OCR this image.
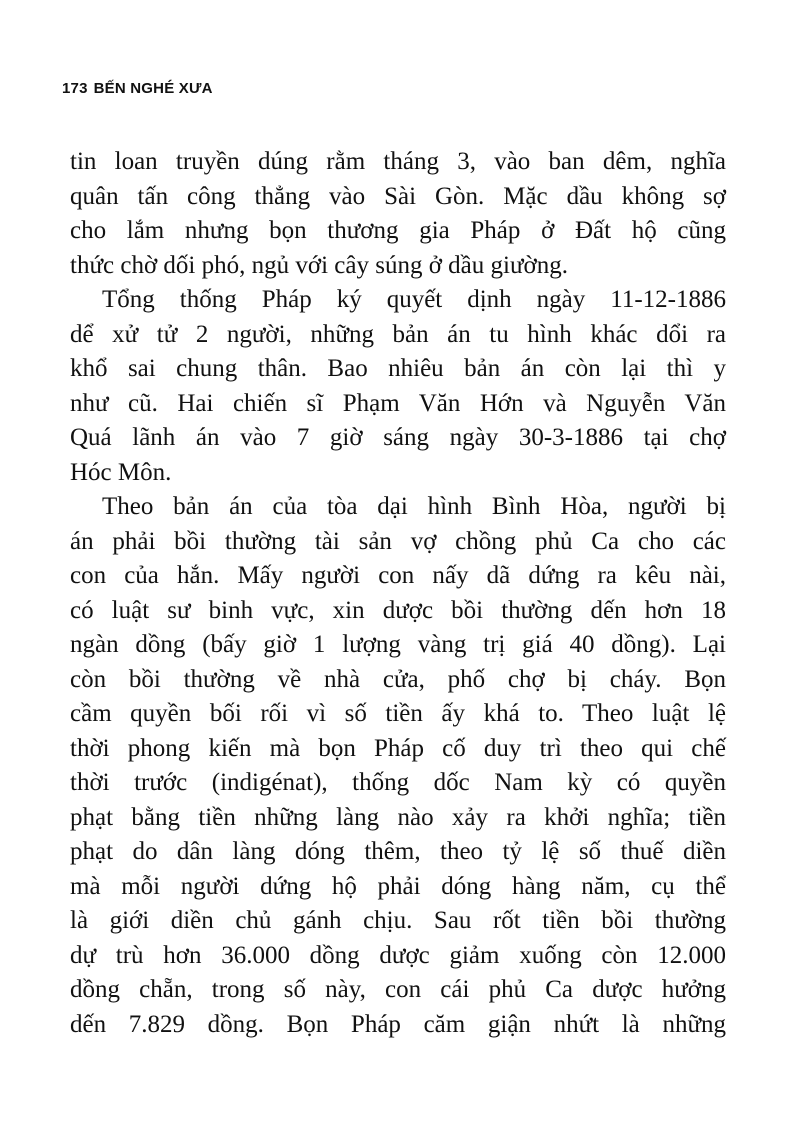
173 BẾN NGHÉ XƯA
tin loan truyền dúng rằm tháng 3, vào ban dêm, nghĩa
quân tấn công thẳng vào Sài Gòn. Mặc dầu không sợ
cho lắm nhưng bọn thương gia Pháp ở Đất hộ cũng
thức chờ dối phó, ngủ với cây súng ở dầu giường.
Tổng thống Pháp ký quyết dịnh ngày 11-12-1886
dể xử tử 2 người, những bản án tu hình khác dổi ra
khổ sai chung thân. Bao nhiêu bản án còn lại thì y
như cũ. Hai chiến sĩ Phạm Văn Hớn và Nguyễn Văn
Quá lãnh án vào 7 giờ sáng ngày 30-3-1886 tại chợ
Hóc Môn.
Theo bản án của tòa dại hình Bình Hòa, người bị
án phải bồi thường tài sản vợ chồng phủ Ca cho các
con của hắn. Mấy người con nấy dã dứng ra kêu nài,
có luật sư binh vực, xin dược bồi thường dến hơn 18
ngàn dồng (bấy giờ 1 lượng vàng trị giá 40 dồng). Lại
còn bồi thường về nhà cửa, phố chợ bị cháy. Bọn
cầm quyền bối rối vì số tiền ấy khá to. Theo luật lệ
thời phong kiến mà bọn Pháp cố duy trì theo qui chế
thời trước (indigénat), thống dốc Nam kỳ có quyền
phạt bằng tiền những làng nào xảy ra khởi nghĩa; tiền
phạt do dân làng dóng thêm, theo tỷ lệ số thuế diền
mà mỗi người dứng hộ phải dóng hàng năm, cụ thể
là giới diền chủ gánh chịu. Sau rốt tiền bồi thường
dự trù hơn 36.000 dồng dược giảm xuống còn 12.000
dồng chẵn, trong số này, con cái phủ Ca dược hưởng
dến 7.829 dồng. Bọn Pháp căm giận nhứt là những
